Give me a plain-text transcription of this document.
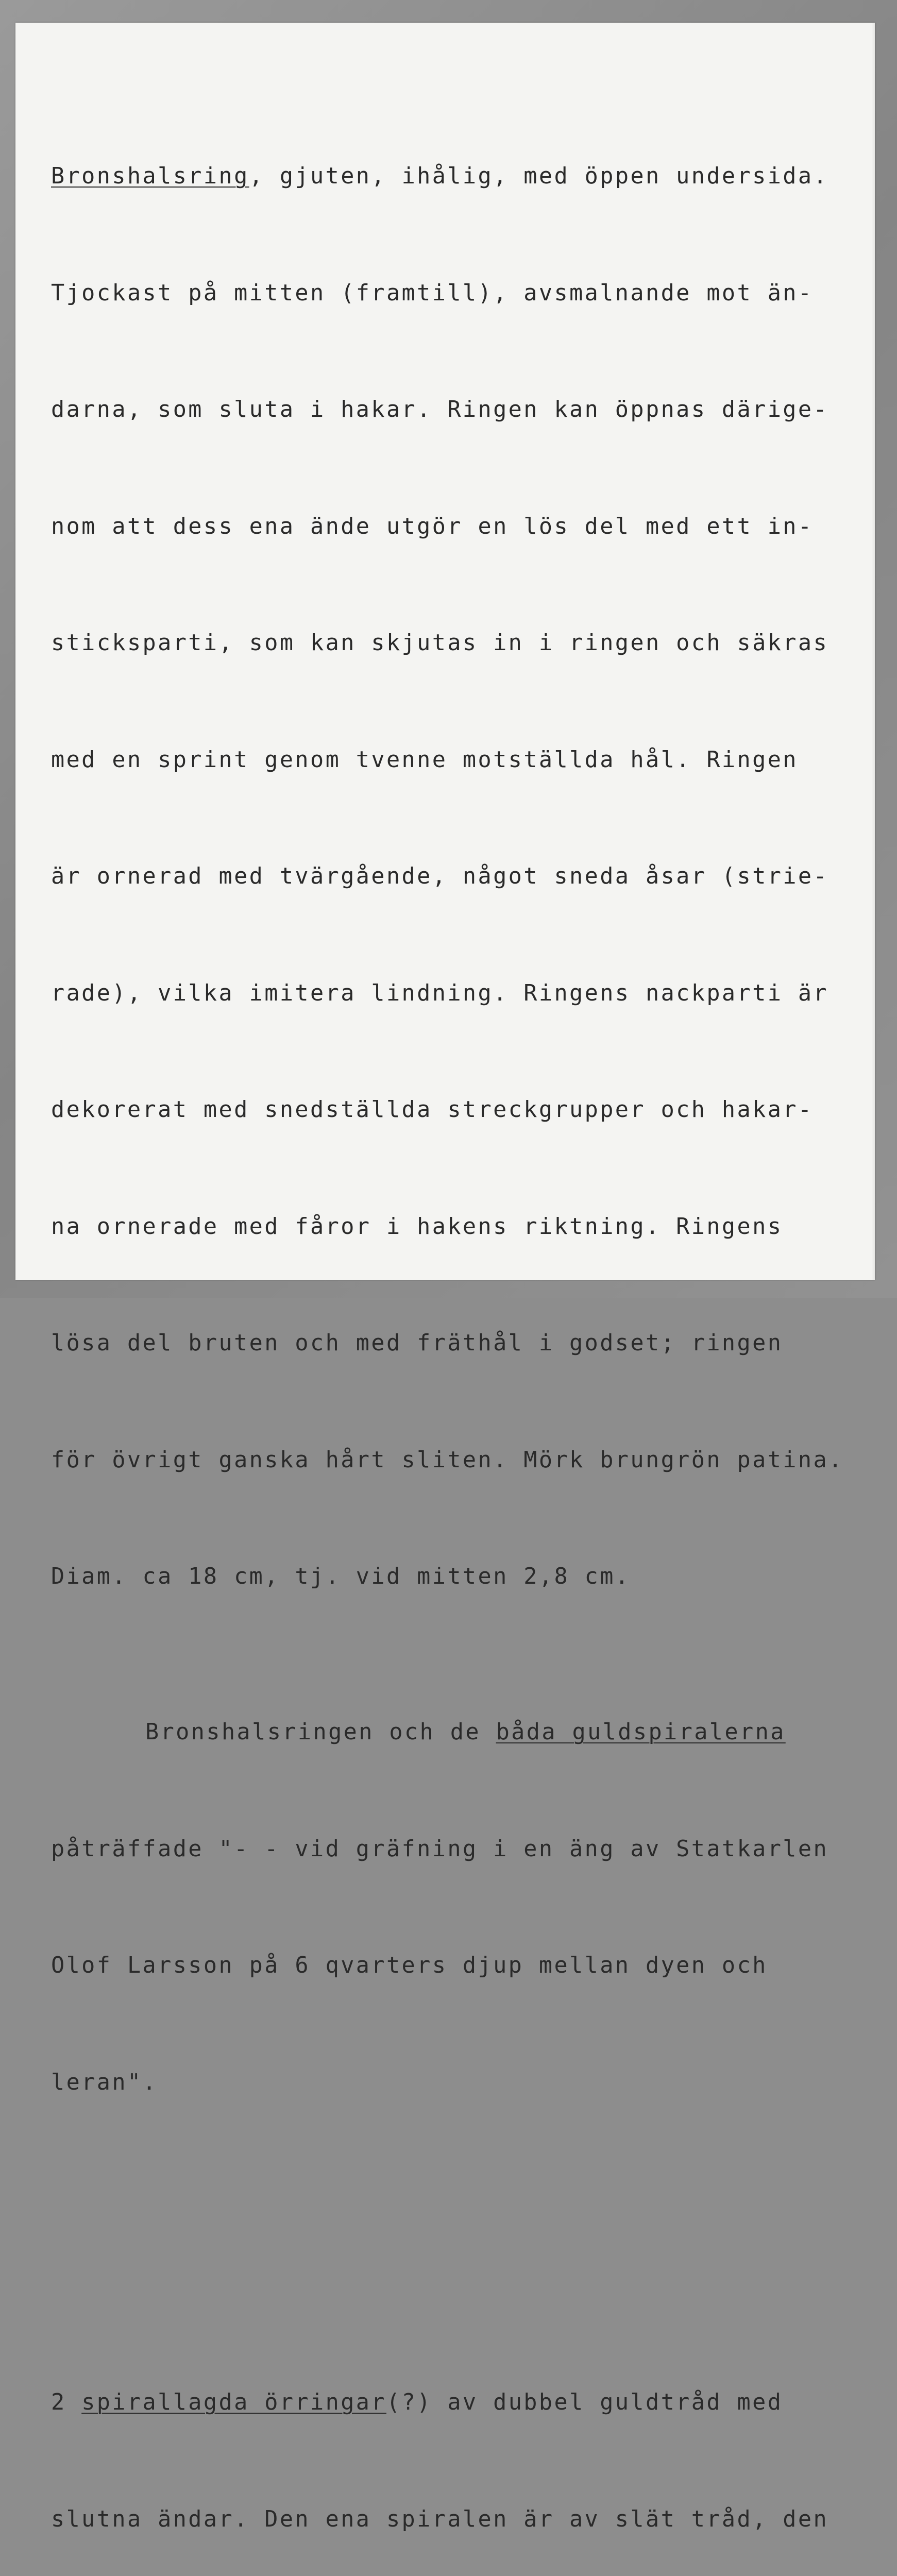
Bronshalsring, gjuten, ihålig, med öppen undersida.

Tjockast på mitten (framtill), avsmalnande mot än-

darna, som sluta i hakar. Ringen kan öppnas därige-

nom att dess ena ände utgör en lös del med ett in-

sticksparti, som kan skjutas in i ringen och säkras

med en sprint genom tvenne motställda hål. Ringen

är ornerad med tvärgående, något sneda åsar (strie-

rade), vilka imitera lindning. Ringens nackparti är

dekorerat med snedställda streckgrupper och hakar-

na ornerade med fåror i hakens riktning. Ringens

lösa del bruten och med fräthål i godset; ringen

för övrigt ganska hårt sliten. Mörk brungrön patina.

Diam. ca 18 cm, tj. vid mitten 2,8 cm.

Bronshalsringen och de båda guldspiralerna

påträffade "- - vid gräfning i en äng av Statkarlen

Olof Larsson på 6 qvarters djup mellan dyen och

leran".

2 spirallagda örringar(?) av dubbel guldtråd med

slutna ändar. Den ena spiralen är av slät tråd, den
